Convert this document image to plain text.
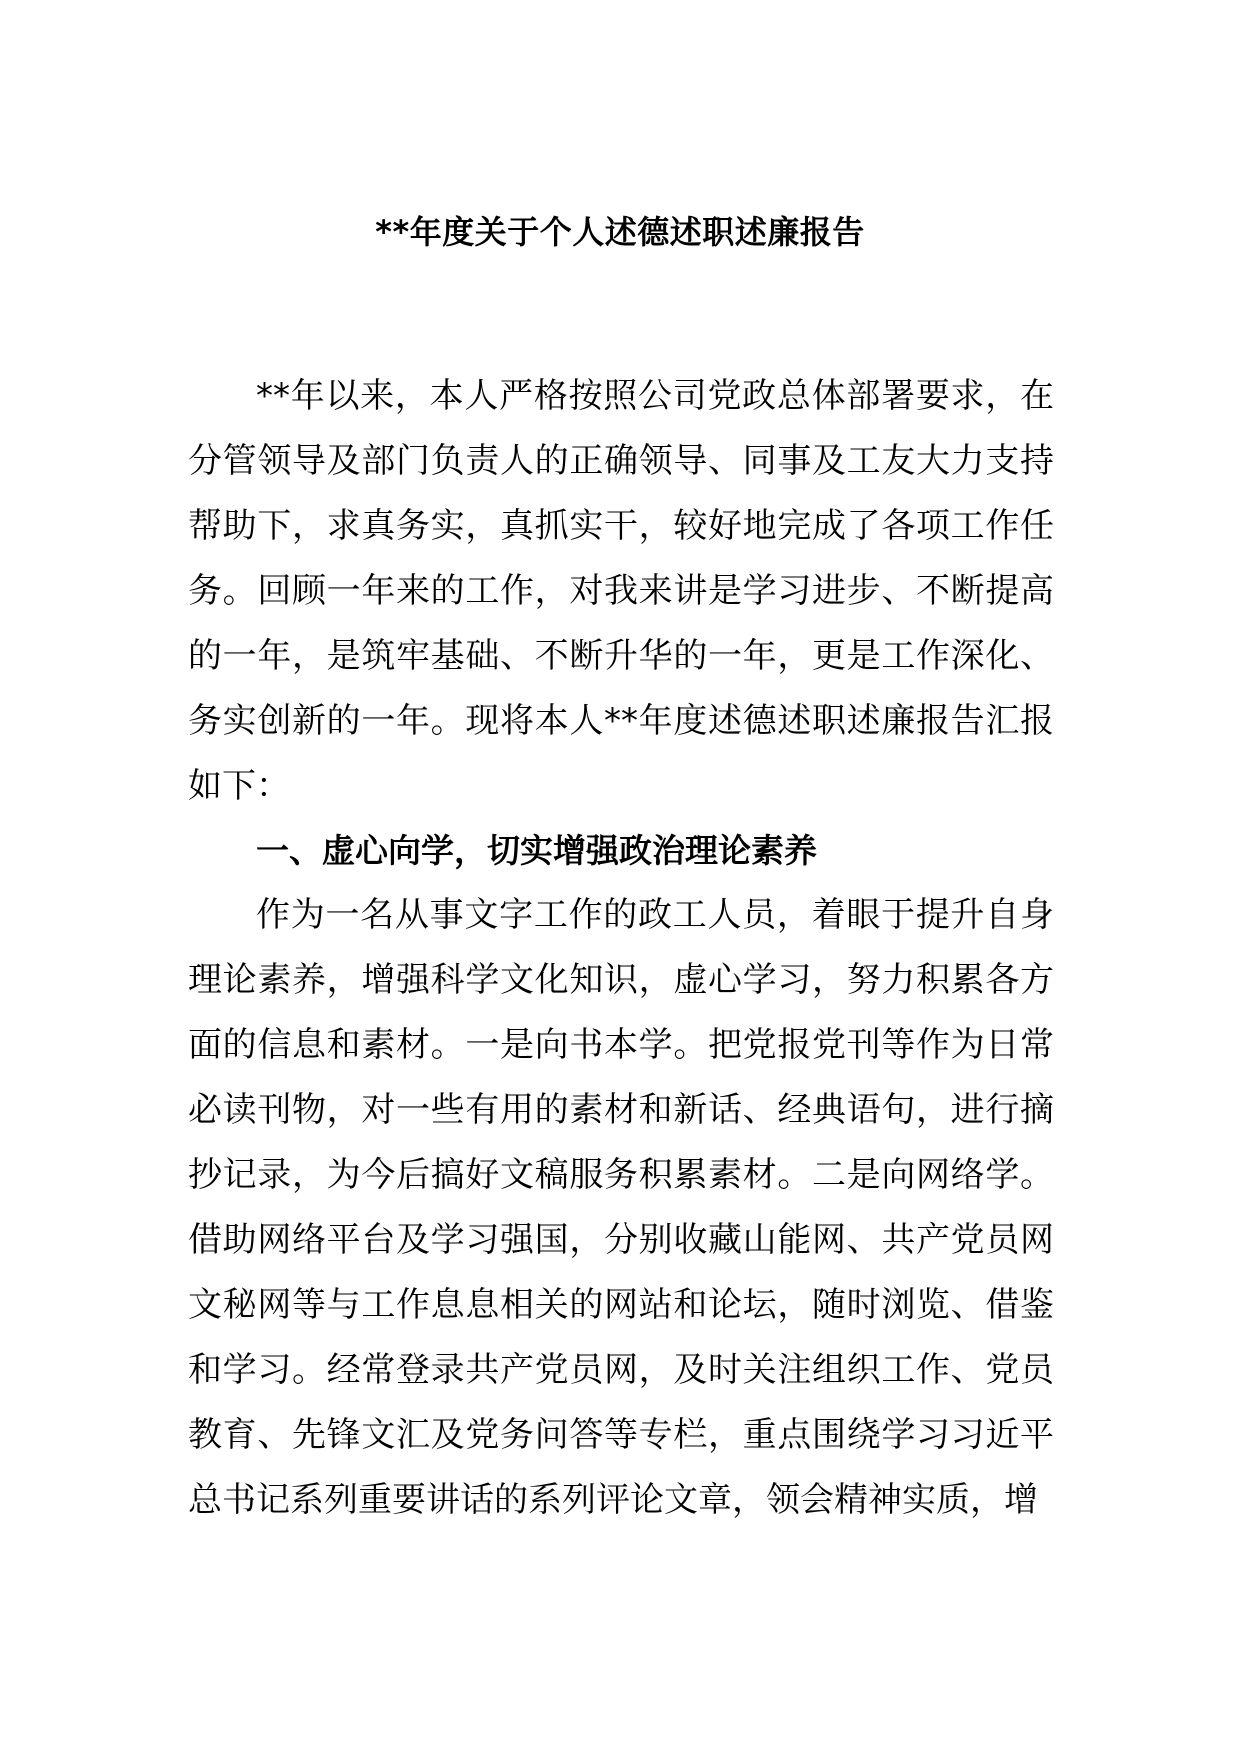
**年度关于个人述德述职述廉报告

**年以来，本人严格按照公司党政总体部署要求，在分管领导及部门负责人的正确领导、同事及工友大力支持帮助下，求真务实，真抓实干，较好地完成了各项工作任务。回顾一年来的工作，对我来讲是学习进步、不断提高的一年，是筑牢基础、不断升华的一年，更是工作深化、务实创新的一年。现将本人**年度述德述职述廉报告汇报如下：

一、虚心向学，切实增强政治理论素养

作为一名从事文字工作的政工人员，着眼于提升自身理论素养，增强科学文化知识，虚心学习，努力积累各方面的信息和素材。一是向书本学。把党报党刊等作为日常必读刊物，对一些有用的素材和新话、经典语句，进行摘抄记录，为今后搞好文稿服务积累素材。二是向网络学。借助网络平台及学习强国，分别收藏山能网、共产党员网文秘网等与工作息息相关的网站和论坛，随时浏览、借鉴和学习。经常登录共产党员网，及时关注组织工作、党员教育、先锋文汇及党务问答等专栏，重点围绕学习习近平总书记系列重要讲话的系列评论文章，领会精神实质，增
